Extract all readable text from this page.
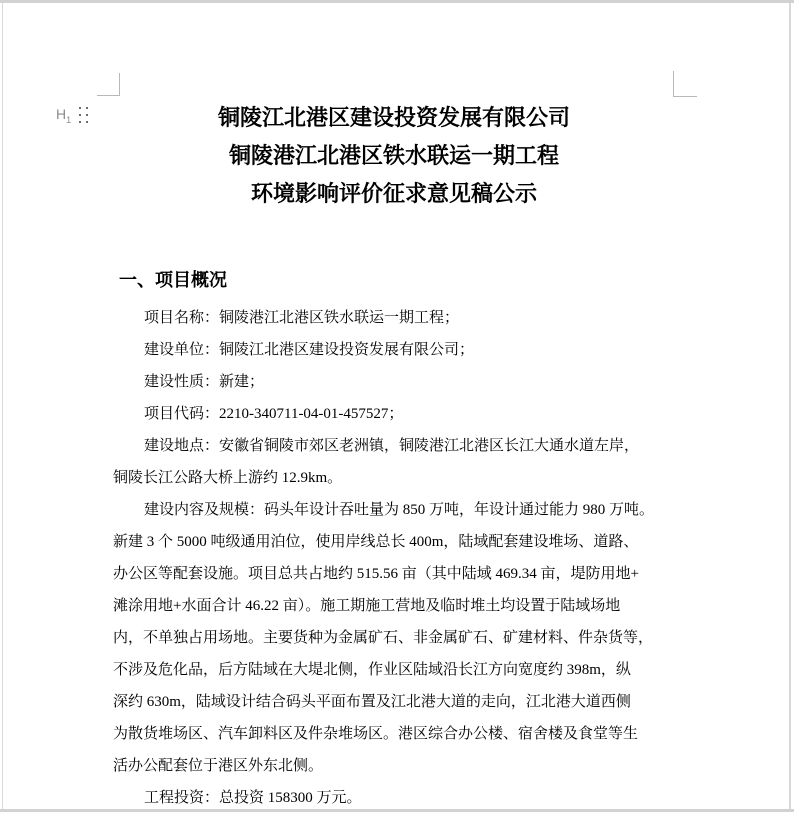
$H_1$	铜陵江北港区建设投资发展有限公司
铜陵港江北港区铁水联运一期工程
环境影响评价征求意见稿公示
一、项目概况
项目名称：铜陵港江北港区铁水联运一期工程；
建设单位：铜陵江北港区建设投资发展有限公司；
建设性质：新建；
项目代码：2210-340711-04-01-457527；
建设地点：安徽省铜陵市郊区老洲镇，铜陵港江北港区长江大通水道左岸，
铜陵长江公路大桥上游约 12.9km。
建设内容及规模：码头年设计吞吐量为 850 万吨，年设计通过能力 980 万吨。
新建 3 个 5000 吨级通用泊位，使用岸线总长 400m，陆域配套建设堆场、道路、
办公区等配套设施。项目总共占地约 515.56 亩（其中陆域 469.34 亩，堤防用地+
滩涂用地+水面合计 46.22 亩）。施工期施工营地及临时堆土均设置于陆域场地
内，不单独占用场地。主要货种为金属矿石、非金属矿石、矿建材料、件杂货等，
不涉及危化品，后方陆域在大堤北侧，作业区陆域沿长江方向宽度约 398m，纵
深约 630m，陆域设计结合码头平面布置及江北港大道的走向，江北港大道西侧
为散货堆场区、汽车卸料区及件杂堆场区。港区综合办公楼、宿舍楼及食堂等生
活办公配套位于港区外东北侧。
工程投资：总投资 158300 万元。
